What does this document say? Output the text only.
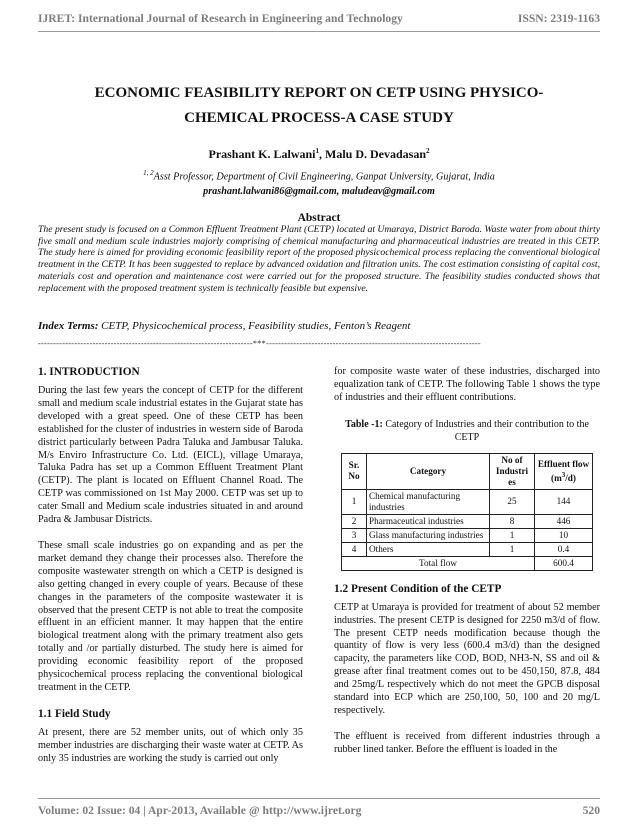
IJRET: International Journal of Research in Engineering and Technology	ISSN: 2319-1163
ECONOMIC FEASIBILITY REPORT ON CETP USING PHYSICO-
CHEMICAL PROCESS-A CASE STUDY
Prashant K. Lalwani$^1$, Malu D. Devadasan$^2$
$^{1, 2}$Asst Professor, Department of Civil Engineering, Ganpat University, Gujarat, India
prashant.lalwani86@gmail.com, maludeav@gmail.com
Abstract
The present study is focused on a Common Effluent Treatment Plant (CETP) located at Umaraya, District Baroda. Waste water from about thirty five small and medium scale industries majorly comprising of chemical manufacturing and pharmaceutical industries are treated in this CETP. The study here is aimed for providing economic feasibility report of the proposed physicochemical process replacing the conventional biological treatment in the CETP. It has been suggested to replace by advanced oxidation and filtration units. The cost estimation consisting of capital cost, materials cost and operation and maintenance cost were carried out for the proposed structure. The feasibility studies conducted shows that replacement with the proposed treatment system is technically feasible but expensive.
Index Terms: CETP, Physicochemical process, Feasibility studies, Fenton’s Reagent
-----------------------------------------------------------------------***-----------------------------------------------------------------------
1. INTRODUCTION

During the last few years the concept of CETP for the different small and medium scale industrial estates in the Gujarat state has developed with a great speed. One of these CETP has been established for the cluster of industries in western side of Baroda district particularly between Padra Taluka and Jambusar Taluka. M/s Enviro Infrastructure Co. Ltd. (EICL), village Umaraya, Taluka Padra has set up a Common Effluent Treatment Plant (CETP). The plant is located on Effluent Channel Road. The CETP was commissioned on 1st May 2000. CETP was set up to cater Small and Medium scale industries situated in and around Padra & Jambusar Districts.

These small scale industries go on expanding and as per the market demand they change their processes also. Therefore the composite wastewater strength on which a CETP is designed is also getting changed in every couple of years. Because of these changes in the parameters of the composite wastewater it is observed that the present CETP is not able to treat the composite effluent in an efficient manner. It may happen that the entire biological treatment along with the primary treatment also gets totally and /or partially disturbed. The study here is aimed for providing economic feasibility report of the proposed physicochemical process replacing the conventional biological treatment in the CETP.

1.1 Field Study

At present, there are 52 member units, out of which only 35 member industries are discharging their waste water at CETP. As only 35 industries are working the study is carried out only

for composite waste water of these industries, discharged into equalization tank of CETP. The following Table 1 shows the type of industries and their effluent contributions.

Table -1: Category of Industries and their contribution to the CETP
Sr. No	Category	No of Industri es	Effluent flow $(m^3/d)$
1	Chemical manufacturing industries	25	144
2	Pharmaceutical industries	8	446
3	Glass manufacturing industries	1	10
4	Others	1	0.4
Total flow			600.4
1.2 Present Condition of the CETP

CETP at Umaraya is provided for treatment of about 52 member industries. The present CETP is designed for 2250 m3/d of flow. The present CETP needs modification because though the quantity of flow is very less (600.4 m3/d) than the designed capacity, the parameters like COD, BOD, NH3-N, SS and oil & grease after final treatment comes out to be 450,150, 87.8, 484 and 25mg/L respectively which do not meet the GPCB disposal standard into ECP which are 250,100, 50, 100 and 20 mg/L respectively.

The effluent is received from different industries through a rubber lined tanker. Before the effluent is loaded in the

Volume: 02 Issue: 04 | Apr-2013, Available @ http://www.ijret.org	520
